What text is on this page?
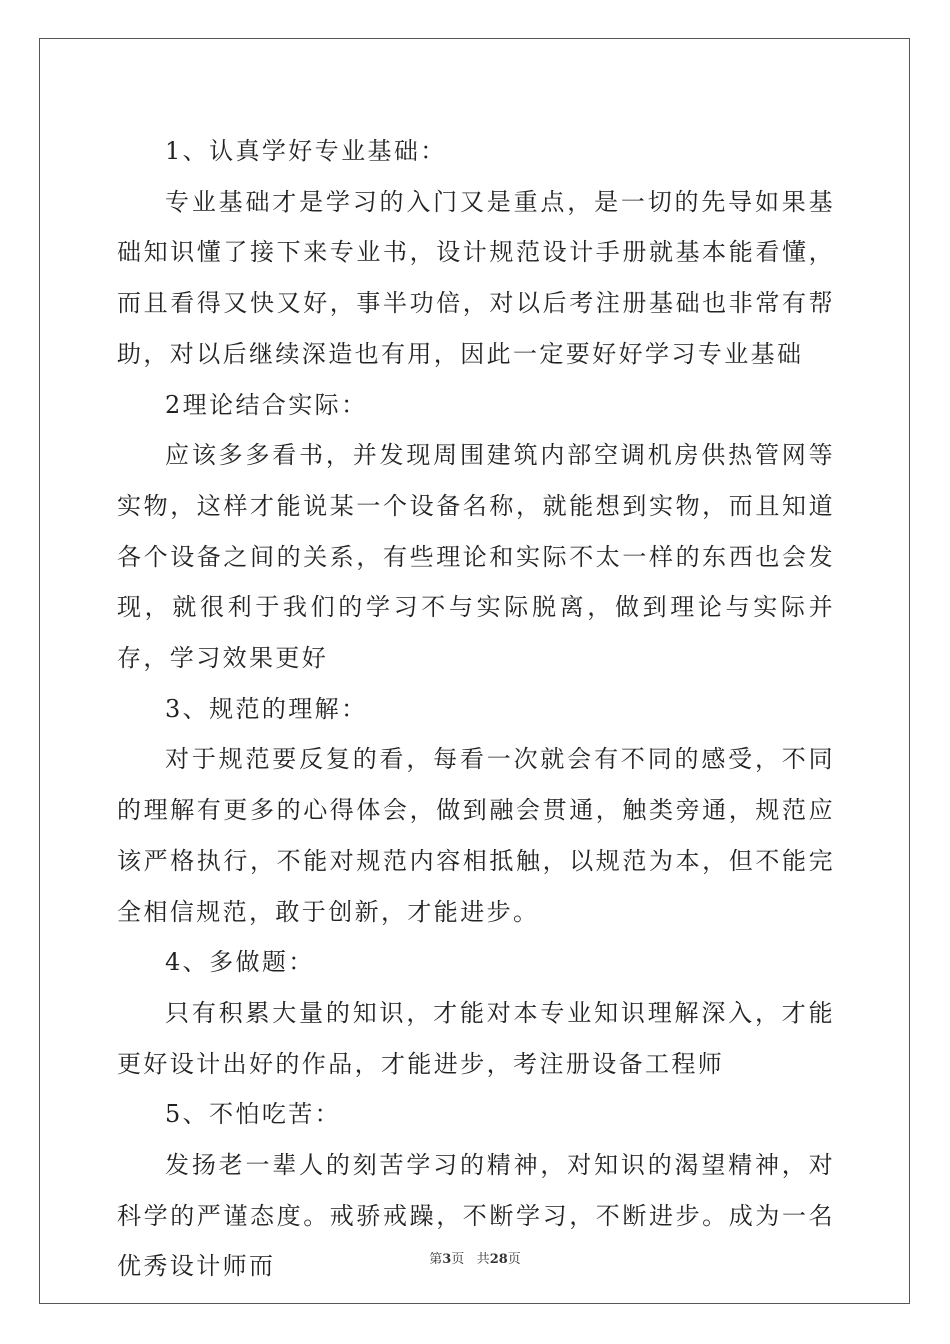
1、认真学好专业基础：

专业基础才是学习的入门又是重点，是一切的先导如果基础知识懂了接下来专业书，设计规范设计手册就基本能看懂，而且看得又快又好，事半功倍，对以后考注册基础也非常有帮助，对以后继续深造也有用，因此一定要好好学习专业基础

2理论结合实际：

应该多多看书，并发现周围建筑内部空调机房供热管网等实物，这样才能说某一个设备名称，就能想到实物，而且知道各个设备之间的关系，有些理论和实际不太一样的东西也会发现，就很利于我们的学习不与实际脱离，做到理论与实际并存，学习效果更好

3、规范的理解：

对于规范要反复的看，每看一次就会有不同的感受，不同的理解有更多的心得体会，做到融会贯通，触类旁通，规范应该严格执行，不能对规范内容相抵触，以规范为本，但不能完全相信规范，敢于创新，才能进步。

4、多做题：

只有积累大量的知识，才能对本专业知识理解深入，才能更好设计出好的作品，才能进步，考注册设备工程师

5、不怕吃苦：

发扬老一辈人的刻苦学习的精神，对知识的渴望精神，对科学的严谨态度。戒骄戒躁，不断学习，不断进步。成为一名优秀设计师而	第3页 共28页
